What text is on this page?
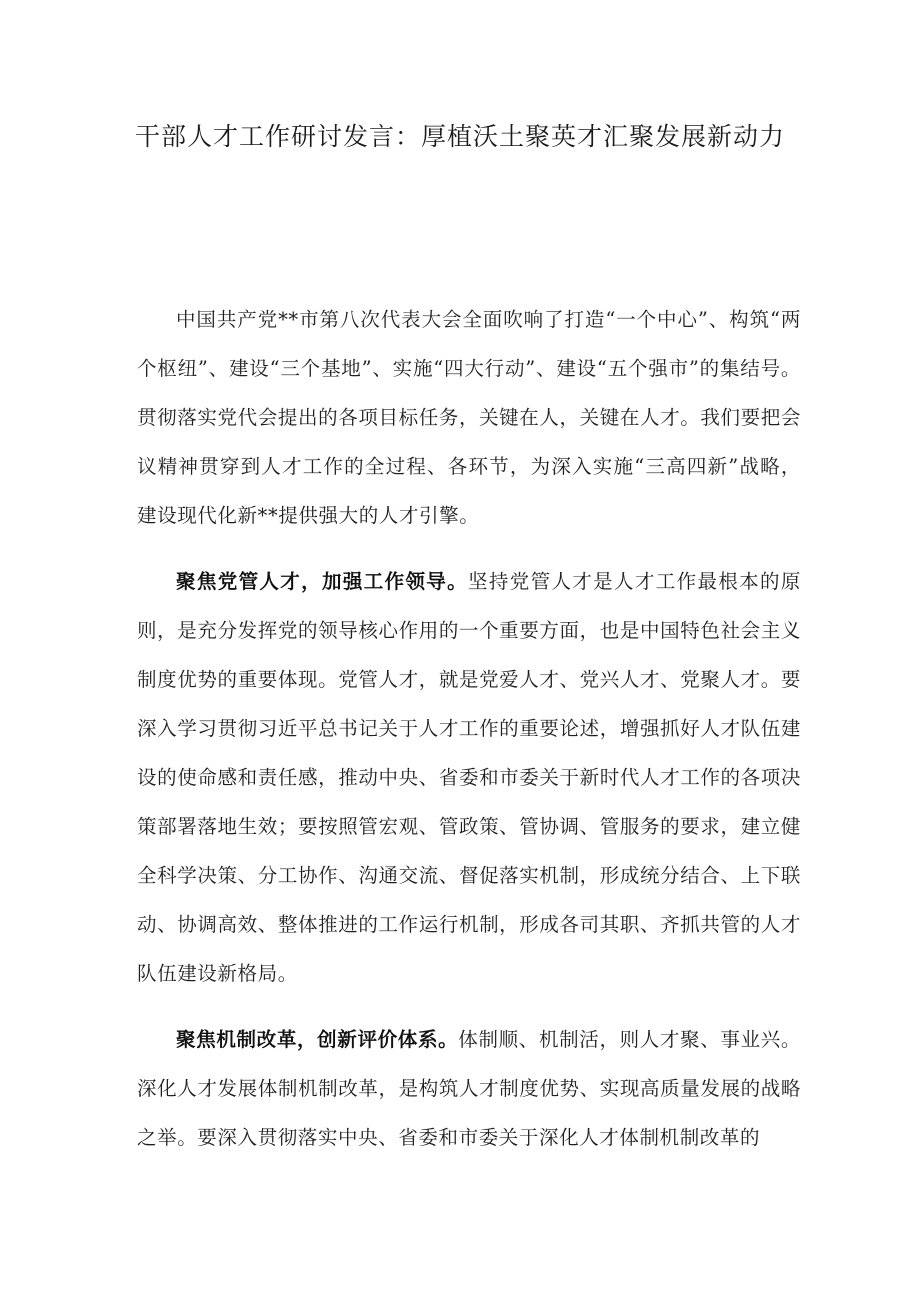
干部人才工作研讨发言：厚植沃土聚英才汇聚发展新动力

中国共产党**市第八次代表大会全面吹响了打造“一个中心”、构筑“两个枢纽”、建设“三个基地”、实施“四大行动”、建设“五个强市”的集结号。贯彻落实党代会提出的各项目标任务，关键在人，关键在人才。我们要把会议精神贯穿到人才工作的全过程、各环节，为深入实施“三高四新”战略，建设现代化新**提供强大的人才引擎。

聚焦党管人才，加强工作领导。坚持党管人才是人才工作最根本的原则，是充分发挥党的领导核心作用的一个重要方面，也是中国特色社会主义制度优势的重要体现。党管人才，就是党爱人才、党兴人才、党聚人才。要深入学习贯彻习近平总书记关于人才工作的重要论述，增强抓好人才队伍建设的使命感和责任感，推动中央、省委和市委关于新时代人才工作的各项决策部署落地生效；要按照管宏观、管政策、管协调、管服务的要求，建立健全科学决策、分工协作、沟通交流、督促落实机制，形成统分结合、上下联动、协调高效、整体推进的工作运行机制，形成各司其职、齐抓共管的人才队伍建设新格局。

聚焦机制改革，创新评价体系。体制顺、机制活，则人才聚、事业兴。深化人才发展体制机制改革，是构筑人才制度优势、实现高质量发展的战略之举。要深入贯彻落实中央、省委和市委关于深化人才体制机制改革的
